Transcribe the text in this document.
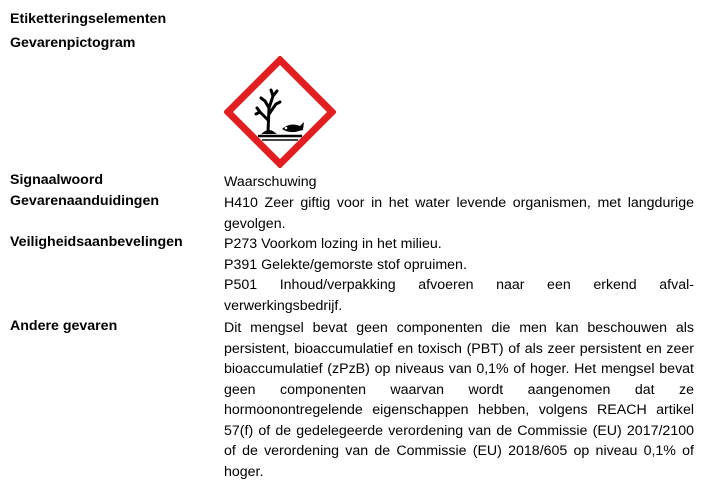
Etiketteringselementen
Gevarenpictogram
Signaalwoord	Waarschuwing
Gevarenaanduidingen	H410 Zeer giftig voor in het water levende organismen, met langdurige gevolgen.
Veiligheidsaanbevelingen	P273 Voorkom lozing in het milieu.
P391 Gelekte/gemorste stof opruimen.
P501 Inhoud/verpakking afvoeren naar een erkend afval-verwerkingsbedrijf.
Andere gevaren	Dit mengsel bevat geen componenten die men kan beschouwen als persistent, bioaccumulatief en toxisch (PBT) of als zeer persistent en zeer bioaccumulatief (zPzB) op niveaus van 0,1% of hoger. Het mengsel bevat geen componenten waarvan wordt aangenomen dat ze hormoonontregelende eigenschappen hebben, volgens REACH artikel 57(f) of de gedelegeerde verordening van de Commissie (EU) 2017/2100 of de verordening van de Commissie (EU) 2018/605 op niveau 0,1% of hoger.
